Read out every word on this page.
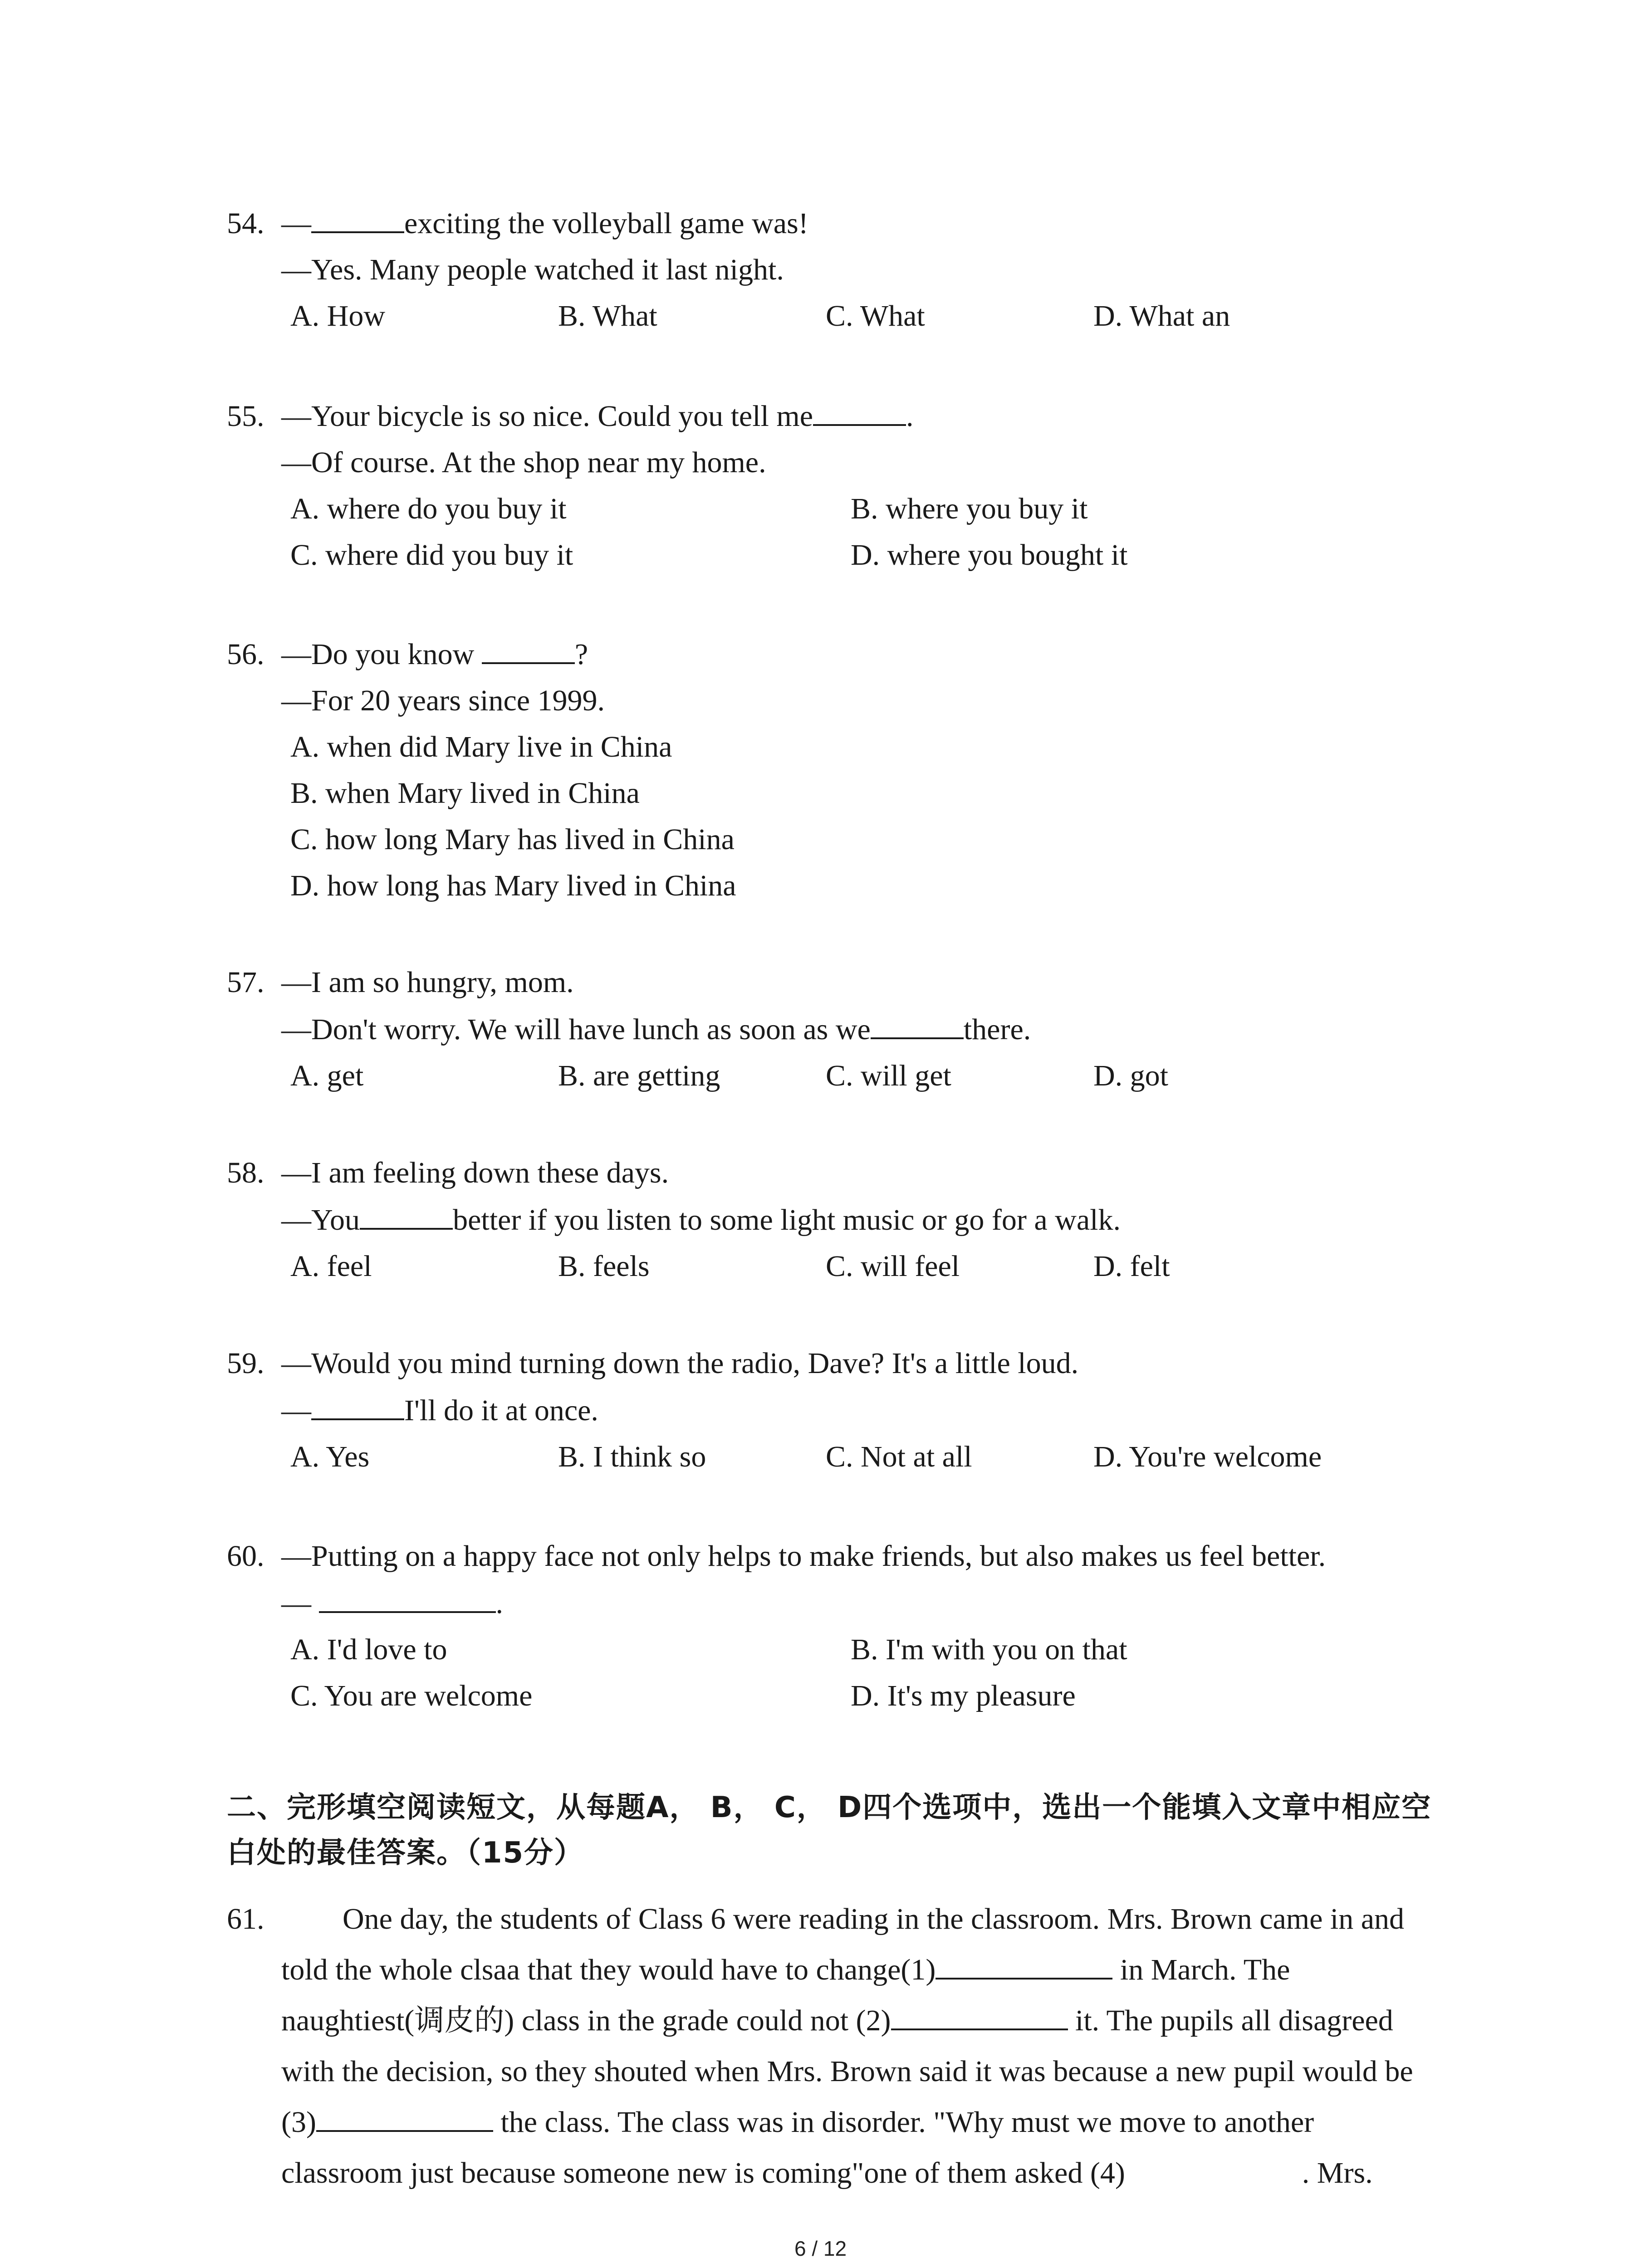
54. —	exciting the volleyball game was!
—Yes. Many people watched it last night.
A. How	B. What	C. What	D. What an
55. —Your bicycle is so nice. Could you tell me	.
—Of course. At the shop near my home.
A. where do you buy it	B. where you buy it
C. where did you buy it	D. where you bought it
56. —Do you know	?
—For 20 years since 1999.
A. when did Mary live in China
B. when Mary lived in China
C. how long Mary has lived in China
D. how long has Mary lived in China
57. —I am so hungry, mom.
—Don't worry. We will have lunch as soon as we	there.
A. get	B. are getting	C. will get	D. got
58. —I am feeling down these days.
—You	better if you listen to some light music or go for a walk.
A. feel	B. feels	C. will feel	D. felt
59. —Would you mind turning down the radio, Dave? It's a little loud.
—	I'll do it at once.
A. Yes	B. I think so	C. Not at all	D. You're welcome
60. —Putting on a happy face not only helps to make friends, but also makes us feel better.
—	.
A. I'd love to	B. I'm with you on that
C. You are welcome	D. It's my pleasure
二、完形填空阅读短文，从每题A， B， C， D四个选项中，选出一个能填入文章中相应空
白处的最佳答案。（15分）
61.	One day, the students of Class 6 were reading in the classroom. Mrs. Brown came in and
told the whole clsaa that they would have to change(1)	in March. The
naughtiest(调皮的) class in the grade could not (2)	it. The pupils all disagreed
with the decision, so they shouted when Mrs. Brown said it was because a new pupil would be
(3)	the class. The class was in disorder. "Why must we move to another
classroom just because someone new is coming"one of them asked (4)	. Mrs.
6 / 12
